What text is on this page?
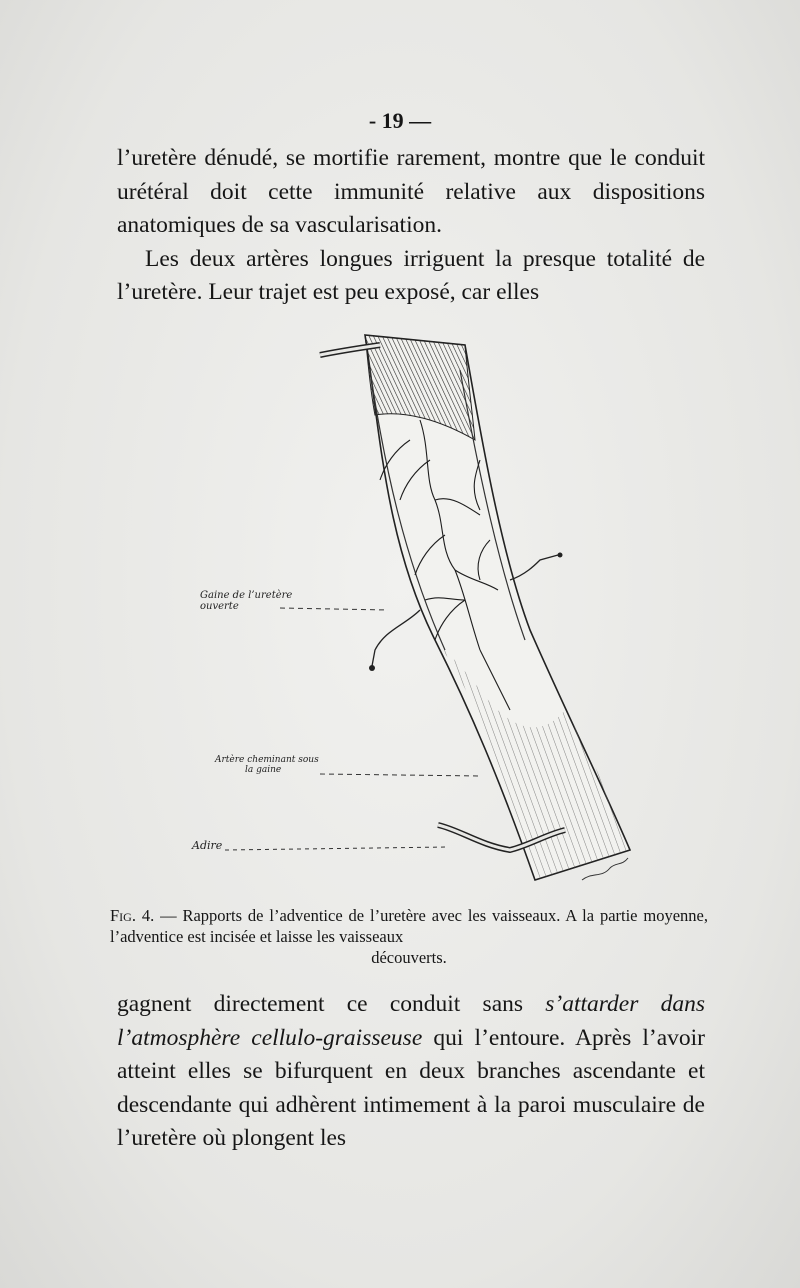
- 19 —

l’uretère dénudé, se mortifie rarement, montre que le conduit urétéral doit cette immunité relative aux dispositions anatomiques de sa vascularisation.

Les deux artères longues irriguent la presque totalité de l’uretère. Leur trajet est peu exposé, car elles

Gaine de l’uretère
ouverte
Artère cheminant sous
la gaine
Adire

Fig. 4. — Rapports de l’adventice de l’uretère avec les vaisseaux. A la partie moyenne, l’adventice est incisée et laisse les vaisseaux
découverts.

gagnent directement ce conduit sans s’attarder dans l’atmosphère cellulo-graisseuse qui l’entoure. Après l’avoir atteint elles se bifurquent en deux branches ascendante et descendante qui adhèrent intimement à la paroi musculaire de l’uretère où plongent les
